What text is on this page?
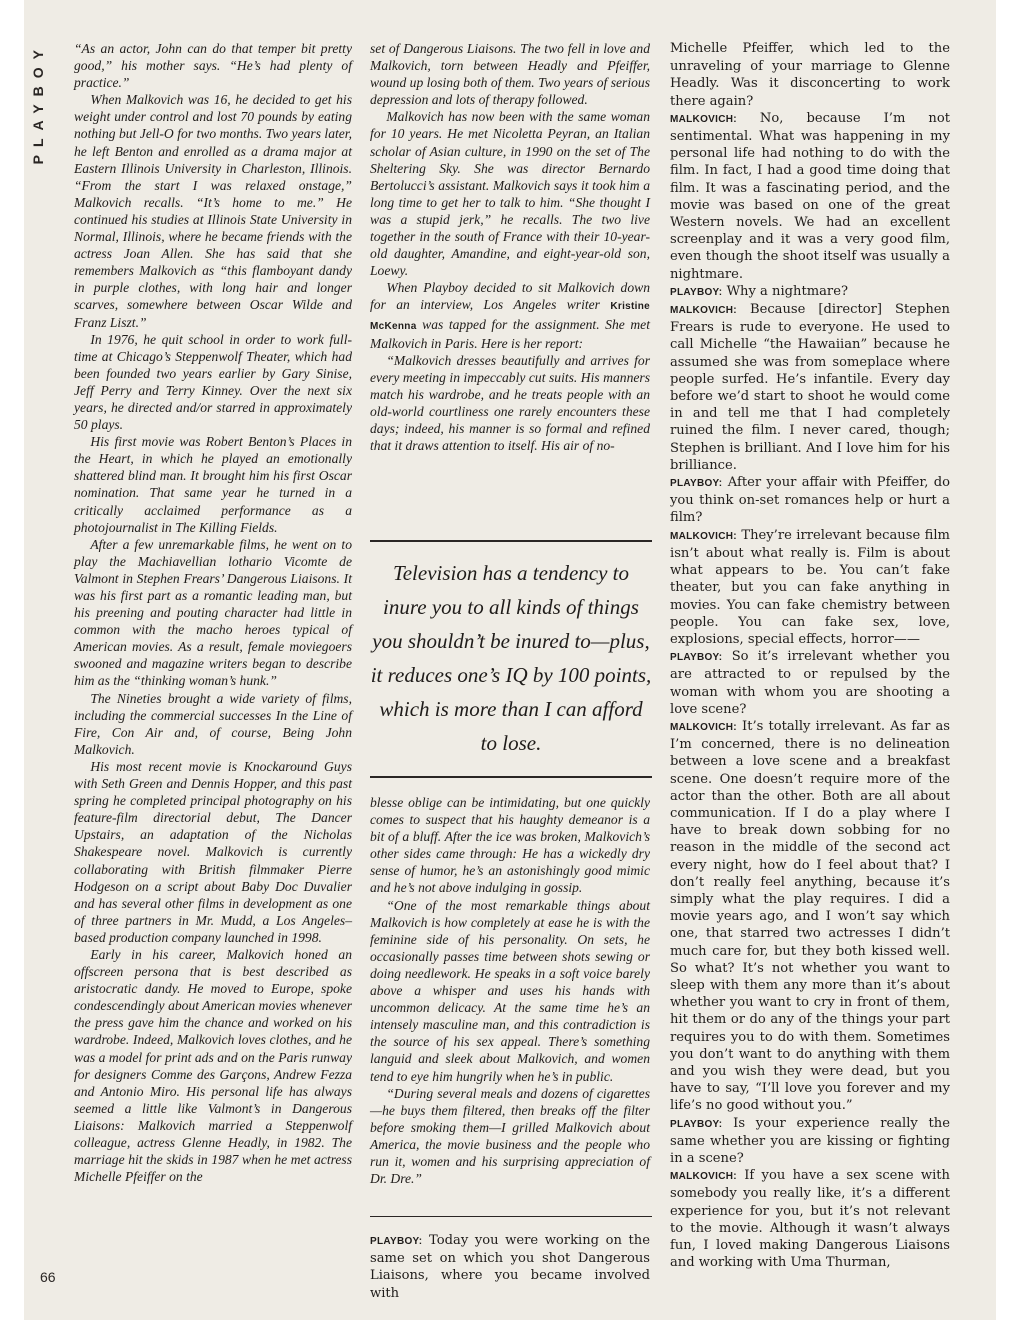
PLAYBOY
66

“As an actor, John can do that temper bit pretty good,” his mother says. “He’s had plenty of practice.”

When Malkovich was 16, he decided to get his weight under control and lost 70 pounds by eating nothing but Jell-O for two months. Two years later, he left Benton and enrolled as a drama major at Eastern Illinois University in Charleston, Illinois. “From the start I was relaxed onstage,” Malkovich recalls. “It’s home to me.” He continued his studies at Illinois State University in Normal, Illinois, where he became friends with the actress Joan Allen. She has said that she remembers Malkovich as “this flamboyant dandy in purple clothes, with long hair and longer scarves, somewhere between Oscar Wilde and Franz Liszt.”

In 1976, he quit school in order to work full-time at Chicago’s Steppenwolf Theater, which had been founded two years earlier by Gary Sinise, Jeff Perry and Terry Kinney. Over the next six years, he directed and/or starred in approximately 50 plays.

His first movie was Robert Benton’s Places in the Heart, in which he played an emotionally shattered blind man. It brought him his first Oscar nomination. That same year he turned in a critically acclaimed performance as a photojournalist in The Killing Fields.

After a few unremarkable films, he went on to play the Machiavellian lothario Vicomte de Valmont in Stephen Frears’ Dangerous Liaisons. It was his first part as a romantic leading man, but his preening and pouting character had little in common with the macho heroes typical of American movies. As a result, female moviegoers swooned and magazine writers began to describe him as the “thinking woman’s hunk.”

The Nineties brought a wide variety of films, including the commercial successes In the Line of Fire, Con Air and, of course, Being John Malkovich.

His most recent movie is Knockaround Guys with Seth Green and Dennis Hopper, and this past spring he completed principal photography on his feature-film directorial debut, The Dancer Upstairs, an adaptation of the Nicholas Shakespeare novel. Malkovich is currently collaborating with British filmmaker Pierre Hodgeson on a script about Baby Doc Duvalier and has several other films in development as one of three partners in Mr. Mudd, a Los Angeles–based production company launched in 1998.

Early in his career, Malkovich honed an offscreen persona that is best described as aristocratic dandy. He moved to Europe, spoke condescendingly about American movies whenever the press gave him the chance and worked on his wardrobe. Indeed, Malkovich loves clothes, and he was a model for print ads and on the Paris runway for designers Comme des Garçons, Andrew Fezza and Antonio Miro. His personal life has always seemed a little like Valmont’s in Dangerous Liaisons: Malkovich married a Steppenwolf colleague, actress Glenne Headly, in 1982. The marriage hit the skids in 1987 when he met actress Michelle Pfeiffer on the

set of Dangerous Liaisons. The two fell in love and Malkovich, torn between Headly and Pfeiffer, wound up losing both of them. Two years of serious depression and lots of therapy followed.

Malkovich has now been with the same woman for 10 years. He met Nicoletta Peyran, an Italian scholar of Asian culture, in 1990 on the set of The Sheltering Sky. She was director Bernardo Bertolucci’s assistant. Malkovich says it took him a long time to get her to talk to him. “She thought I was a stupid jerk,” he recalls. The two live together in the south of France with their 10-year-old daughter, Amandine, and eight-year-old son, Loewy.

When Playboy decided to sit Malkovich down for an interview, Los Angeles writer Kristine McKenna was tapped for the assignment. She met Malkovich in Paris. Here is her report:

“Malkovich dresses beautifully and arrives for every meeting in impeccably cut suits. His manners match his wardrobe, and he treats people with an old-world courtliness one rarely encounters these days; indeed, his manner is so formal and refined that it draws attention to itself. His air of no-

Television has a tendency to inure you to all kinds of things you shouldn’t be inured to—plus, it reduces one’s IQ by 100 points, which is more than I can afford to lose.

blesse oblige can be intimidating, but one quickly comes to suspect that his haughty demeanor is a bit of a bluff. After the ice was broken, Malkovich’s other sides came through: He has a wickedly dry sense of humor, he’s an astonishingly good mimic and he’s not above indulging in gossip.

“One of the most remarkable things about Malkovich is how completely at ease he is with the feminine side of his personality. On sets, he occasionally passes time between shots sewing or doing needlework. He speaks in a soft voice barely above a whisper and uses his hands with uncommon delicacy. At the same time he’s an intensely masculine man, and this contradiction is the source of his sex appeal. There’s something languid and sleek about Malkovich, and women tend to eye him hungrily when he’s in public.

“During several meals and dozens of cigarettes—he buys them filtered, then breaks off the filter before smoking them—I grilled Malkovich about America, the movie business and the people who run it, women and his surprising appreciation of Dr. Dre.”

PLAYBOY: Today you were working on the same set on which you shot Dangerous Liaisons, where you became involved with

Michelle Pfeiffer, which led to the unraveling of your marriage to Glenne Headly. Was it disconcerting to work there again?

MALKOVICH: No, because I’m not sentimental. What was happening in my personal life had nothing to do with the film. In fact, I had a good time doing that film. It was a fascinating period, and the movie was based on one of the great Western novels. We had an excellent screenplay and it was a very good film, even though the shoot itself was usually a nightmare.

PLAYBOY: Why a nightmare?

MALKOVICH: Because [director] Stephen Frears is rude to everyone. He used to call Michelle “the Hawaiian” because he assumed she was from someplace where people surfed. He’s infantile. Every day before we’d start to shoot he would come in and tell me that I had completely ruined the film. I never cared, though; Stephen is brilliant. And I love him for his brilliance.

PLAYBOY: After your affair with Pfeiffer, do you think on-set romances help or hurt a film?

MALKOVICH: They’re irrelevant because film isn’t about what really is. Film is about what appears to be. You can’t fake theater, but you can fake anything in movies. You can fake chemistry between people. You can fake sex, love, explosions, special effects, horror——

PLAYBOY: So it’s irrelevant whether you are attracted to or repulsed by the woman with whom you are shooting a love scene?

MALKOVICH: It’s totally irrelevant. As far as I’m concerned, there is no delineation between a love scene and a breakfast scene. One doesn’t require more of the actor than the other. Both are all about communication. If I do a play where I have to break down sobbing for no reason in the middle of the second act every night, how do I feel about that? I don’t really feel anything, because it’s simply what the play requires. I did a movie years ago, and I won’t say which one, that starred two actresses I didn’t much care for, but they both kissed well. So what? It’s not whether you want to sleep with them any more than it’s about whether you want to cry in front of them, hit them or do any of the things your part requires you to do with them. Sometimes you don’t want to do anything with them and you wish they were dead, but you have to say, “I’ll love you forever and my life’s no good without you.”

PLAYBOY: Is your experience really the same whether you are kissing or fighting in a scene?

MALKOVICH: If you have a sex scene with somebody you really like, it’s a different experience for you, but it’s not relevant to the movie. Although it wasn’t always fun, I loved making Dangerous Liaisons and working with Uma Thurman,
